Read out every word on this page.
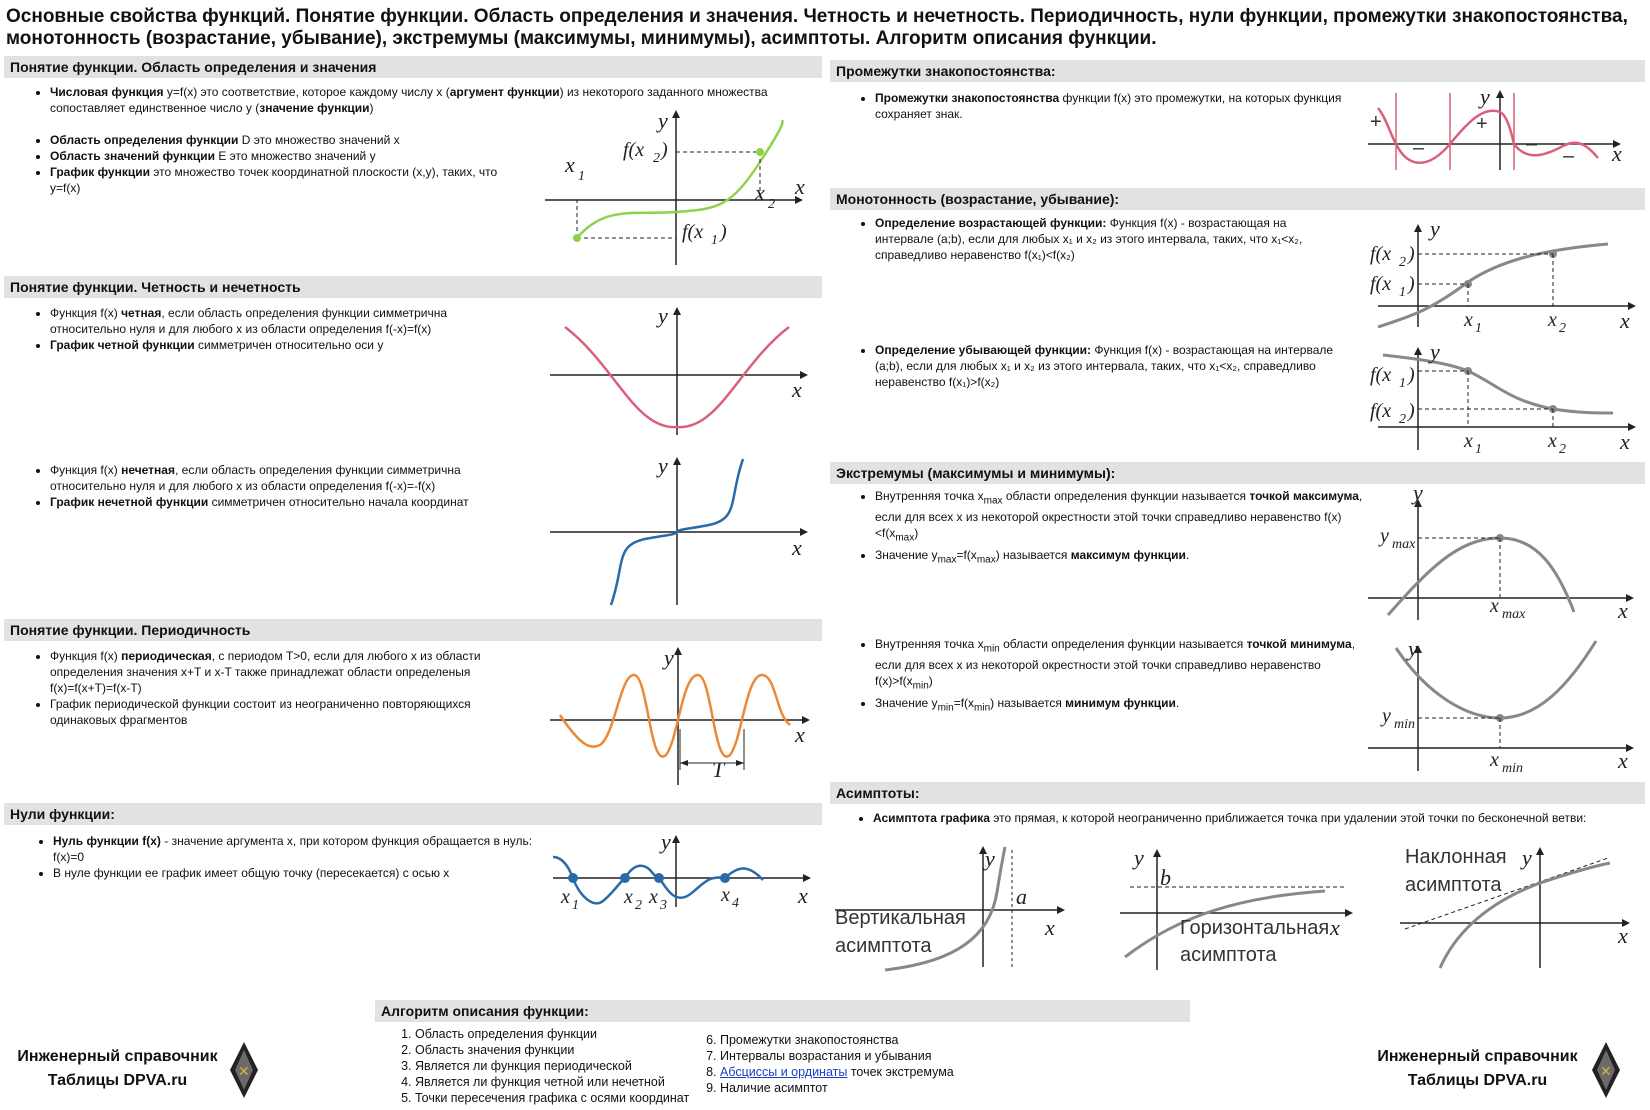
Основные свойства функций. Понятие функции. Область определения и значения. Четность и нечетность. Периодичность, нули функции, промежутки знакопостоянства, монотонность (возрастание, убывание), экстремумы (максимумы, минимумы), асимптоты. Алгоритм описания функции.
Понятие функции. Область определения и значения
• Числовая функция y=f(x) это соответствие, которое каждому числу x (аргумент функции) из некоторого заданного множества сопоставляет единственное число y (значение функции)
• Область определения функции D это множество значений x
• Область значений функции E это множество значений y
• График функции это множество точек координатной плоскости (x,y), таких, что y=f(x)
y
x
x 1
x 2
f(x 2 )
f(x 1 )
Понятие функции. Четность и нечетность
• Функция f(x) четная, если область определения функции симметрична относительно нуля и для любого x из области определения f(-x)=f(x)
• График четной функции симметричен относительно оси y
y
x
• Функция f(x) нечетная, если область определения функции симметрична относительно нуля и для любого x из области определения f(-x)=-f(x)
• График нечетной функции симметричен относительно начала координат
y
x
Понятие функции. Периодичность
• Функция f(x) периодическая, с периодом T>0, если для любого x из области определения значения x+T и x-T также принадлежат области определеныя f(x)=f(x+T)=f(x-T)
• График периодической функции состоит из неограниченно повторяющихся одинаковых фрагментов
y
x
T
Нули функции:
• Нуль функции f(x) - значение аргумента x, при котором функция обращается в нуль: f(x)=0
• В нуле функции ее график имеет общую точку (пересекается) с осью x
y
x
x 1 x 2 x 3	x 4
Промежутки знакопостоянства:
• Промежутки знакопостоянства функции f(x) это промежутки, на которых функция сохраняет знак.	+
–
+
–
–
y
x
Монотонность (возрастание, убывание):
• Определение возрастающей функции: Функция f(x) - возрастающая на интервале (a;b), если для любых x₁ и x₂ из этого интервала, таких, что x₁<x₂, справедливо неравенство f(x₁)<f(x₂)
y
x
f(x 2 )
f(x 1 )
x 1	x 2
• Определение убывающей функции: Функция f(x) - возрастающая на интервале (a;b), если для любых x₁ и x₂ из этого интервала, таких, что x₁<x₂, справедливо неравенство f(x₁)>f(x₂)
y
x
f(x 1 )
f(x 2 )
x 1	x 2
Экстремумы (максимумы и минимумы):
• Внутренняя точка $x_{max}$ области определения функции называется точкой максимума, если для всех x из некоторой окрестности этой точки справедливо неравенство $f(x)<f(x_{max})$
• Значение $y_{max}=f(x_{max})$ называется максимум функции.
y
x
y max
x max
• Внутренняя точка $x_{min}$ области определения функции называется точкой минимума, если для всех x из некоторой окрестности этой точки справедливо неравенство $f(x)>f(x_{min})$
• Значение $y_{min}=f(x_{min})$ называется минимум функции.
y
x
y min
x min
Асимптоты:
• Асимптота графика это прямая, к которой неограниченно приближается точка при удалении этой точки по бесконечной ветви:
y
a
x
Вертикальная
асимптота
y
b
x
Горизонтальная
асимптота
y
x
Наклонная
асимптота
Алгоритм описания функции:
1. Область определения функции
2. Область значения функции
3. Является ли функция периодической
4. Является ли функция четной или нечетной
5. Точки пересечения графика с осями координат
6. Промежутки знакопостоянства
7. Интервалы возрастания и убывания
8. Абсциссы и ординаты точек экстремума
9. Наличие асимптот
Инженерный справочник
Таблицы DPVA.ru	✕
Инженерный справочник
Таблицы DPVA.ru	✕
